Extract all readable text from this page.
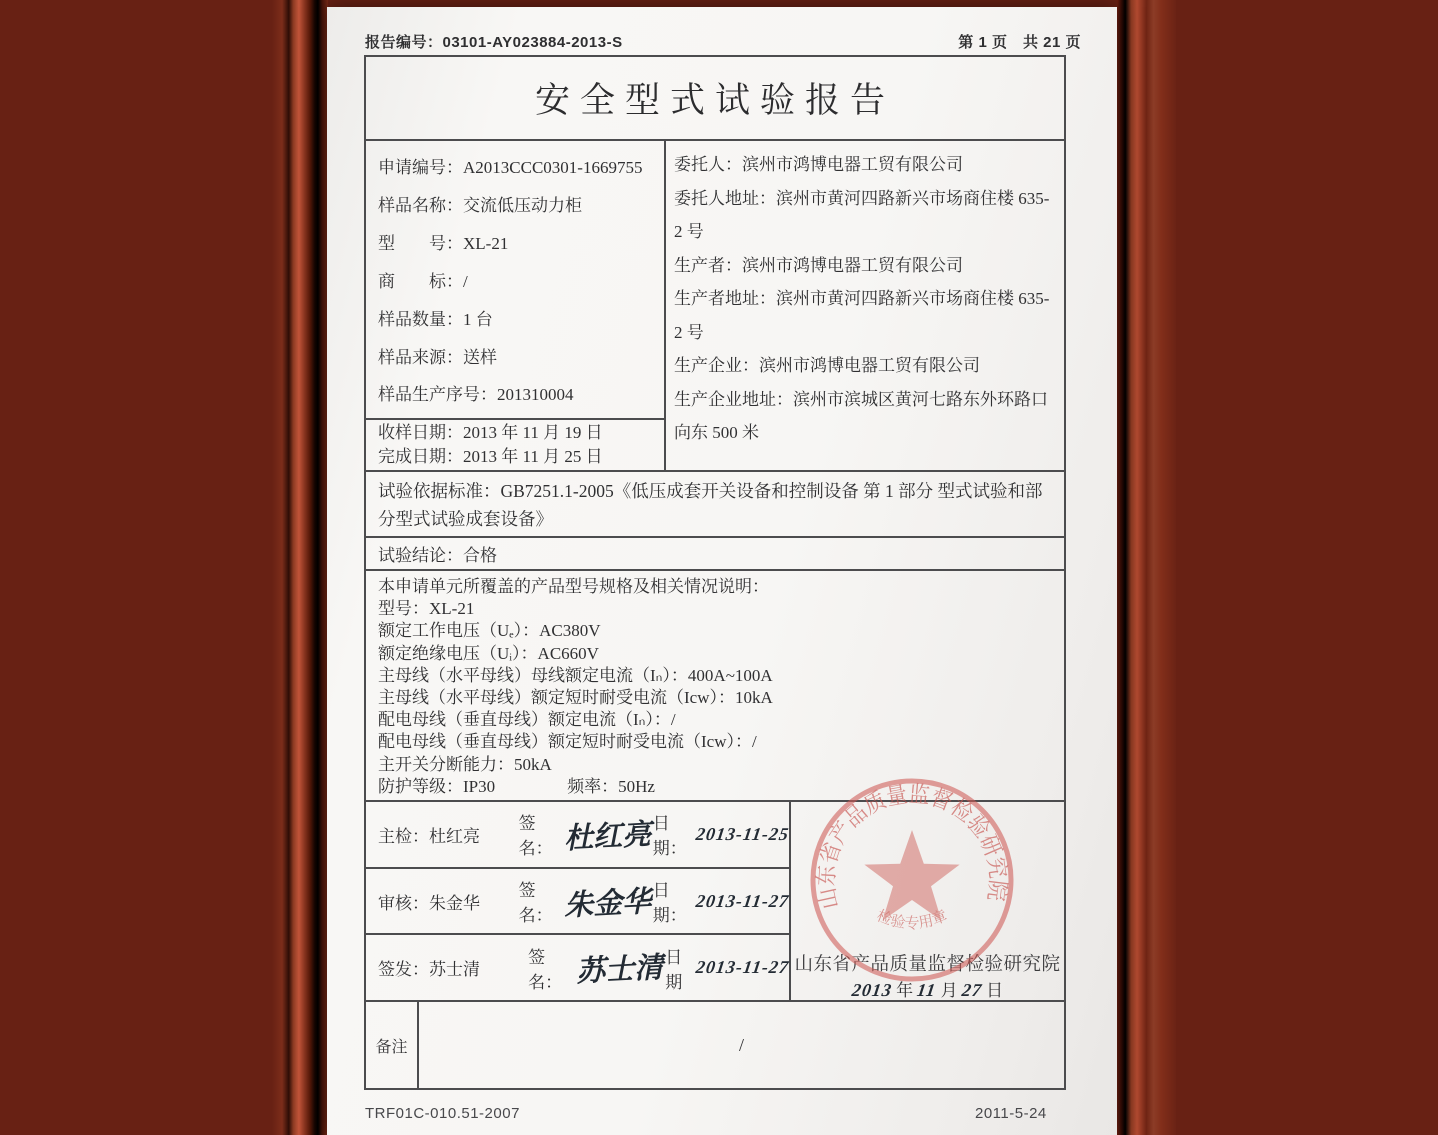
报告编号：03101-AY023884-2013-S	第 1 页　共 21 页
安全型式试验报告
申请编号：A2013CCC0301-1669755
样品名称：交流低压动力柜
型　　号：XL-21
商　　标：/
样品数量：1 台
样品来源：送样
样品生产序号：201310004
收样日期：2013 年 11 月 19 日
完成日期：2013 年 11 月 25 日
委托人：滨州市鸿博电器工贸有限公司
委托人地址：滨州市黄河四路新兴市场商住楼 635-2 号
生产者：滨州市鸿博电器工贸有限公司
生产者地址：滨州市黄河四路新兴市场商住楼 635-2 号
生产企业：滨州市鸿博电器工贸有限公司
生产企业地址：滨州市滨城区黄河七路东外环路口 向东 500 米
试验依据标准：GB7251.1-2005《低压成套开关设备和控制设备 第 1 部分 型式试验和部分型式试验成套设备》
试验结论：合格
本申请单元所覆盖的产品型号规格及相关情况说明：
型号：XL-21
额定工作电压（Uₑ）：AC380V
额定绝缘电压（Uᵢ）：AC660V
主母线（水平母线）母线额定电流（Iₙ）：400A~100A
主母线（水平母线）额定短时耐受电流（Icw）：10kA
配电母线（垂直母线）额定电流（Iₙ）：/
配电母线（垂直母线）额定短时耐受电流（Icw）：/
主开关分断能力：50kA
防护等级：IP30	频率：50Hz
主检：杜红亮
签名： 杜红亮 日期：
2013-11-25
审核：朱金华
签名： 朱金华 日期：
2013-11-27
签发：苏士清
签名： 苏士清 日期
2013-11-27
山东省产品质量监督检验研究院
检验专用章
山东省产品质量监督检验研究院
2013 年 11 月 27 日
备注	/
TRF01C-010.51-2007	2011-5-24
